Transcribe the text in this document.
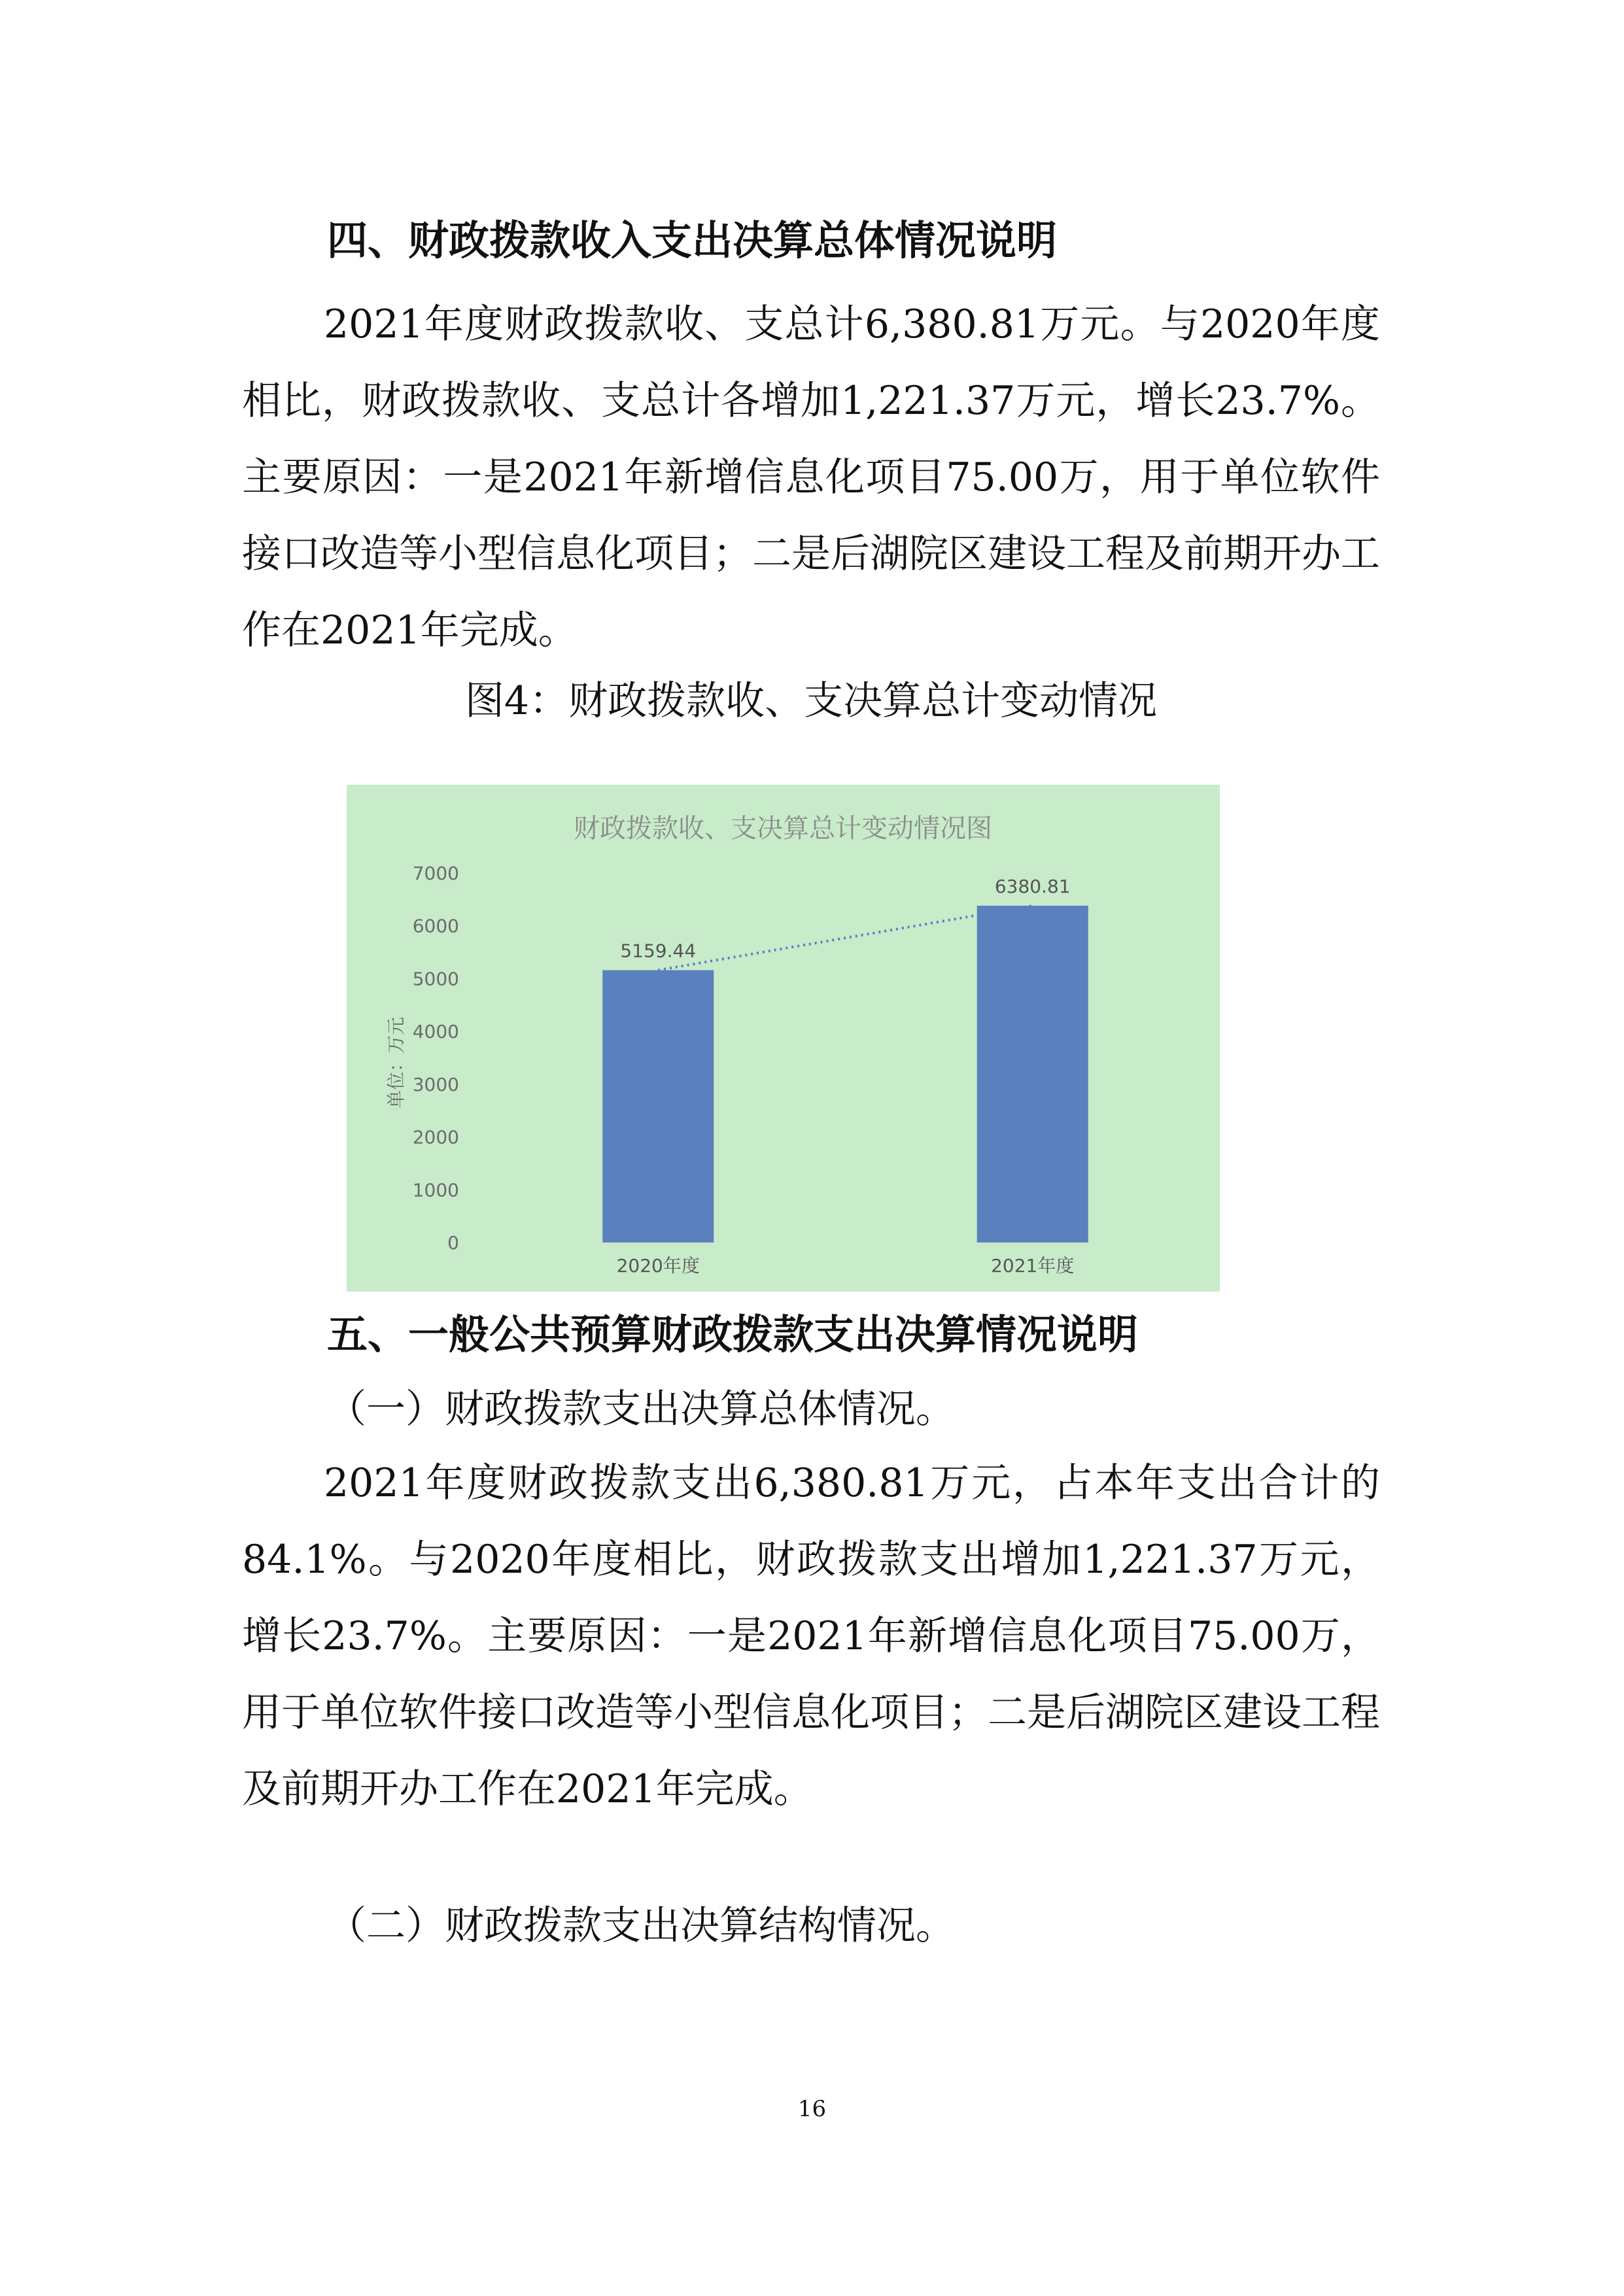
四、财政拨款收入支出决算总体情况说明

2021年度财政拨款收、支总计6,380.81万元。与2020年度相比，财政拨款收、支总计各增加1,221.37万元，增长23.7%。主要原因：一是2021年新增信息化项目75.00万，用于单位软件接口改造等小型信息化项目；二是后湖院区建设工程及前期开办工作在2021年完成。

图4：财政拨款收、支决算总计变动情况
财政拨款收、支决算总计变动情况图
单位：万元
0
1000
2000
3000
4000
5000
6000
7000
5159.44
2020年度
6380.81
2021年度
五、一般公共预算财政拨款支出决算情况说明
（一）财政拨款支出决算总体情况。

2021年度财政拨款支出6,380.81万元，占本年支出合计的84.1%。与2020年度相比，财政拨款支出增加1,221.37万元，增长23.7%。主要原因：一是2021年新增信息化项目75.00万，用于单位软件接口改造等小型信息化项目；二是后湖院区建设工程及前期开办工作在2021年完成。

（二）财政拨款支出决算结构情况。
16
